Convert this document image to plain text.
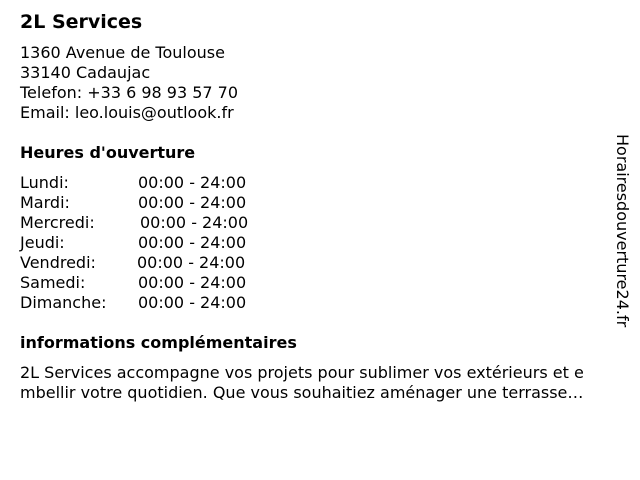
2L Services
1360 Avenue de Toulouse
33140 Cadaujac
Telefon: +33 6 98 93 57 70
Email: leo.louis@outlook.fr
Heures d'ouverture
Lundi:	00:00 - 24:00
Mardi:	00:00 - 24:00
Mercredi:	00:00 - 24:00
Jeudi:	00:00 - 24:00
Vendredi:	00:00 - 24:00
Samedi:	00:00 - 24:00
Dimanche:	00:00 - 24:00
informations complémentaires
2L Services accompagne vos projets pour sublimer vos extérieurs et e
mbellir votre quotidien. Que vous souhaitiez aménager une terrasse…
Horairesdouverture24.fr
